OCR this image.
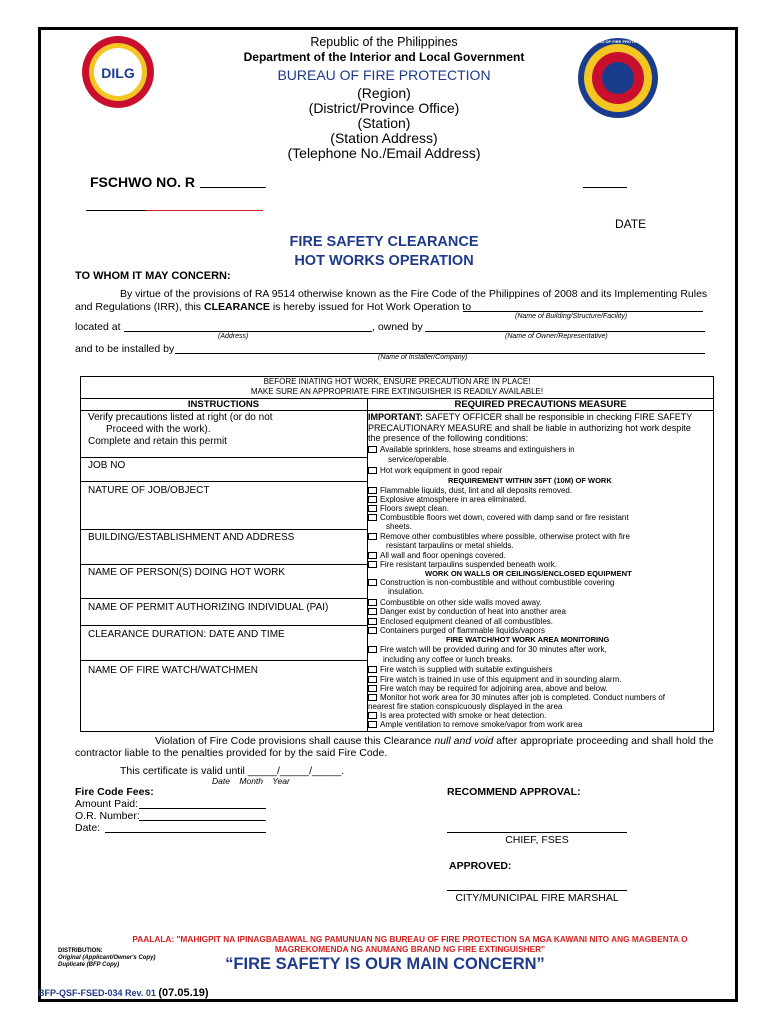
DILG
BUREAU OF FIRE PROTECTION
Republic of the Philippines
Department of the Interior and Local Government
BUREAU OF FIRE PROTECTION
(Region)
(District/Province Office)
(Station)
(Station Address)
(Telephone No./Email Address)
FSCHWO NO. R
DATE
FIRE SAFETY CLEARANCE
HOT WORKS OPERATION
TO WHOM IT MAY CONCERN:
By virtue of the provisions of RA 9514 otherwise known as the Fire Code of the Philippines of 2008 and its Implementing Rules
and Regulations (IRR), this CLEARANCE is hereby issued for Hot Work Operation to
(Name of Building/Structure/Facility)
located at	, owned by
(Address)	(Name of Owner/Representative)
and to be installed by
(Name of Installer/Company)
BEFORE INIATING HOT WORK, ENSURE PRECAUTION ARE IN PLACE!
MAKE SURE AN APPROPRIATE FIRE EXTINGUISHER IS READILY AVAILABLE!
INSTRUCTIONS	REQUIRED PRECAUTIONS MEASURE
Verify precautions listed at right (or do not
Proceed with the work).
Complete and retain this permit
JOB NO
NATURE OF JOB/OBJECT
BUILDING/ESTABLISHMENT AND ADDRESS
NAME OF PERSON(S) DOING HOT WORK
NAME OF PERMIT AUTHORIZING INDIVIDUAL (PAI)
CLEARANCE DURATION: DATE AND TIME
NAME OF FIRE WATCH/WATCHMEN
IMPORTANT: SAFETY OFFICER shall be responsible in checking FIRE SAFETY
PRECAUTIONARY MEASURE and shall be liable in authorizing hot work despite
the presence of the following conditions:
Available sprinklers, hose streams and extinguishers in
service/operable.
Hot work equipment in good repair
REQUIREMENT WITHIN 35FT (10M) OF WORK
Flammable liquids, dust, lint and all deposits removed.
Explosive atmosphere in area eliminated.
Floors swept clean.
Combustible floors wet down, covered with damp sand or fire resistant
sheets.
Remove other combustibles where possible, otherwise protect with fire
resistant tarpaulins or metal shields.
All wall and floor openings covered.
Fire resistant tarpaulins suspended beneath work.
WORK ON WALLS OR CEILINGS/ENCLOSED EQUIPMENT
Construction is non-combustible and without combustible covering
insulation.
Combustible on other side walls moved away.
Danger exist by conduction of heat into another area
Enclosed equipment cleaned of all combustibles.
Containers purged of flammable liquids/vapors
FIRE WATCH/HOT WORK AREA MONITORING
Fire watch will be provided during and for 30 minutes after work,
including any coffee or lunch breaks.
Fire watch is supplied with suitable extinguishers
Fire watch is trained in use of this equipment and in sounding alarm.
Fire watch may be required for adjoining area, above and below.
Monitor hot work area for 30 minutes after job is completed. Conduct numbers of
nearest fire station conspicuously displayed in the area
Is area protected with smoke or heat detection.
Ample ventilation to remove smoke/vapor from work area
Violation of Fire Code provisions shall cause this Clearance null and void after appropriate proceeding and shall hold the
contractor liable to the penalties provided for by the said Fire Code.
This certificate is valid until _____/_____/_____.
Date    Month    Year
Fire Code Fees:
Amount Paid:
O.R. Number:
Date:
RECOMMEND APPROVAL:
CHIEF, FSES
APPROVED:
CITY/MUNICIPAL FIRE MARSHAL
PAALALA: "MAHIGPIT NA IPINAGBABAWAL NG PAMUNUAN NG BUREAU OF FIRE PROTECTION SA MGA KAWANI NITO ANG MAGBENTA O
MAGREKOMENDA NG ANUMANG BRAND NG FIRE EXTINGUISHER"
DISTRIBUTION:
Original (Applicant/Owner's Copy)
Duplicate (BFP Copy)	“FIRE SAFETY IS OUR MAIN CONCERN”
BFP-QSF-FSED-034 Rev. 01 (07.05.19)
